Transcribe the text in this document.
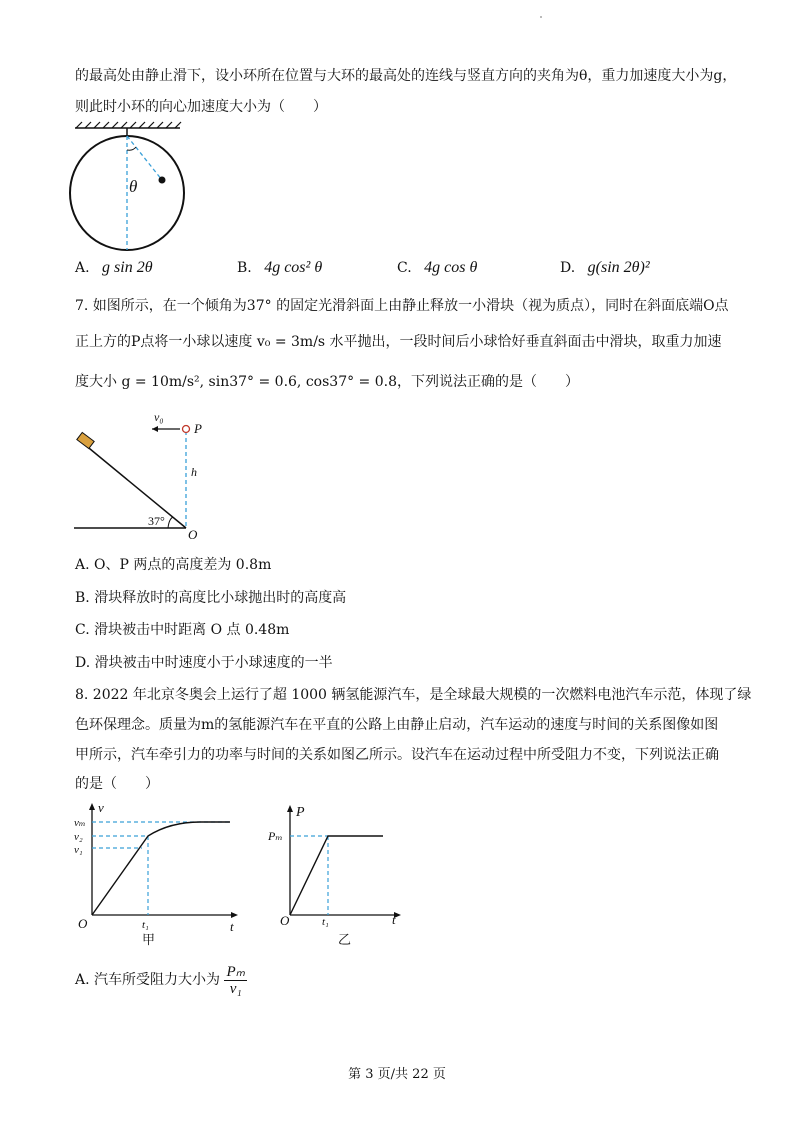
的最高处由静止滑下，设小环所在位置与大环的最高处的连线与竖直方向的夹角为θ，重力加速度大小为g，
则此时小环的向心加速度大小为（　　）
θ
A. g sin 2θ	B. 4g cos² θ	C. 4g cos θ	D. g(sin 2θ)²
7. 如图所示，在一个倾角为37° 的固定光滑斜面上由静止释放一小滑块（视为质点），同时在斜面底端O点
正上方的P点将一小球以速度 v₀ = 3m/s 水平抛出，一段时间后小球恰好垂直斜面击中滑块，取重力加速
度大小 g = 10m/s², sin37° = 0.6, cos37° = 0.8，下列说法正确的是（　　）
37°
v₀
P
h
O
A. O、P 两点的高度差为 0.8m
B. 滑块释放时的高度比小球抛出时的高度高
C. 滑块被击中时距离 O 点 0.48m
D. 滑块被击中时速度小于小球速度的一半
8. 2022 年北京冬奥会上运行了超 1000 辆氢能源汽车，是全球最大规模的一次燃料电池汽车示范，体现了绿
色环保理念。质量为m的氢能源汽车在平直的公路上由静止启动，汽车运动的速度与时间的关系图像如图
甲所示，汽车牵引力的功率与时间的关系如图乙所示。设汽车在运动过程中所受阻力不变，下列说法正确
的是（　　）
v
t
O
vₘ
v₂
v₁
t₁
甲
P
t
O
Pₘ
t₁
乙
A. 汽车所受阻力大小为 $\frac{\text{Pₘ}}{\text{v₁}}$
第 3 页/共 22 页
